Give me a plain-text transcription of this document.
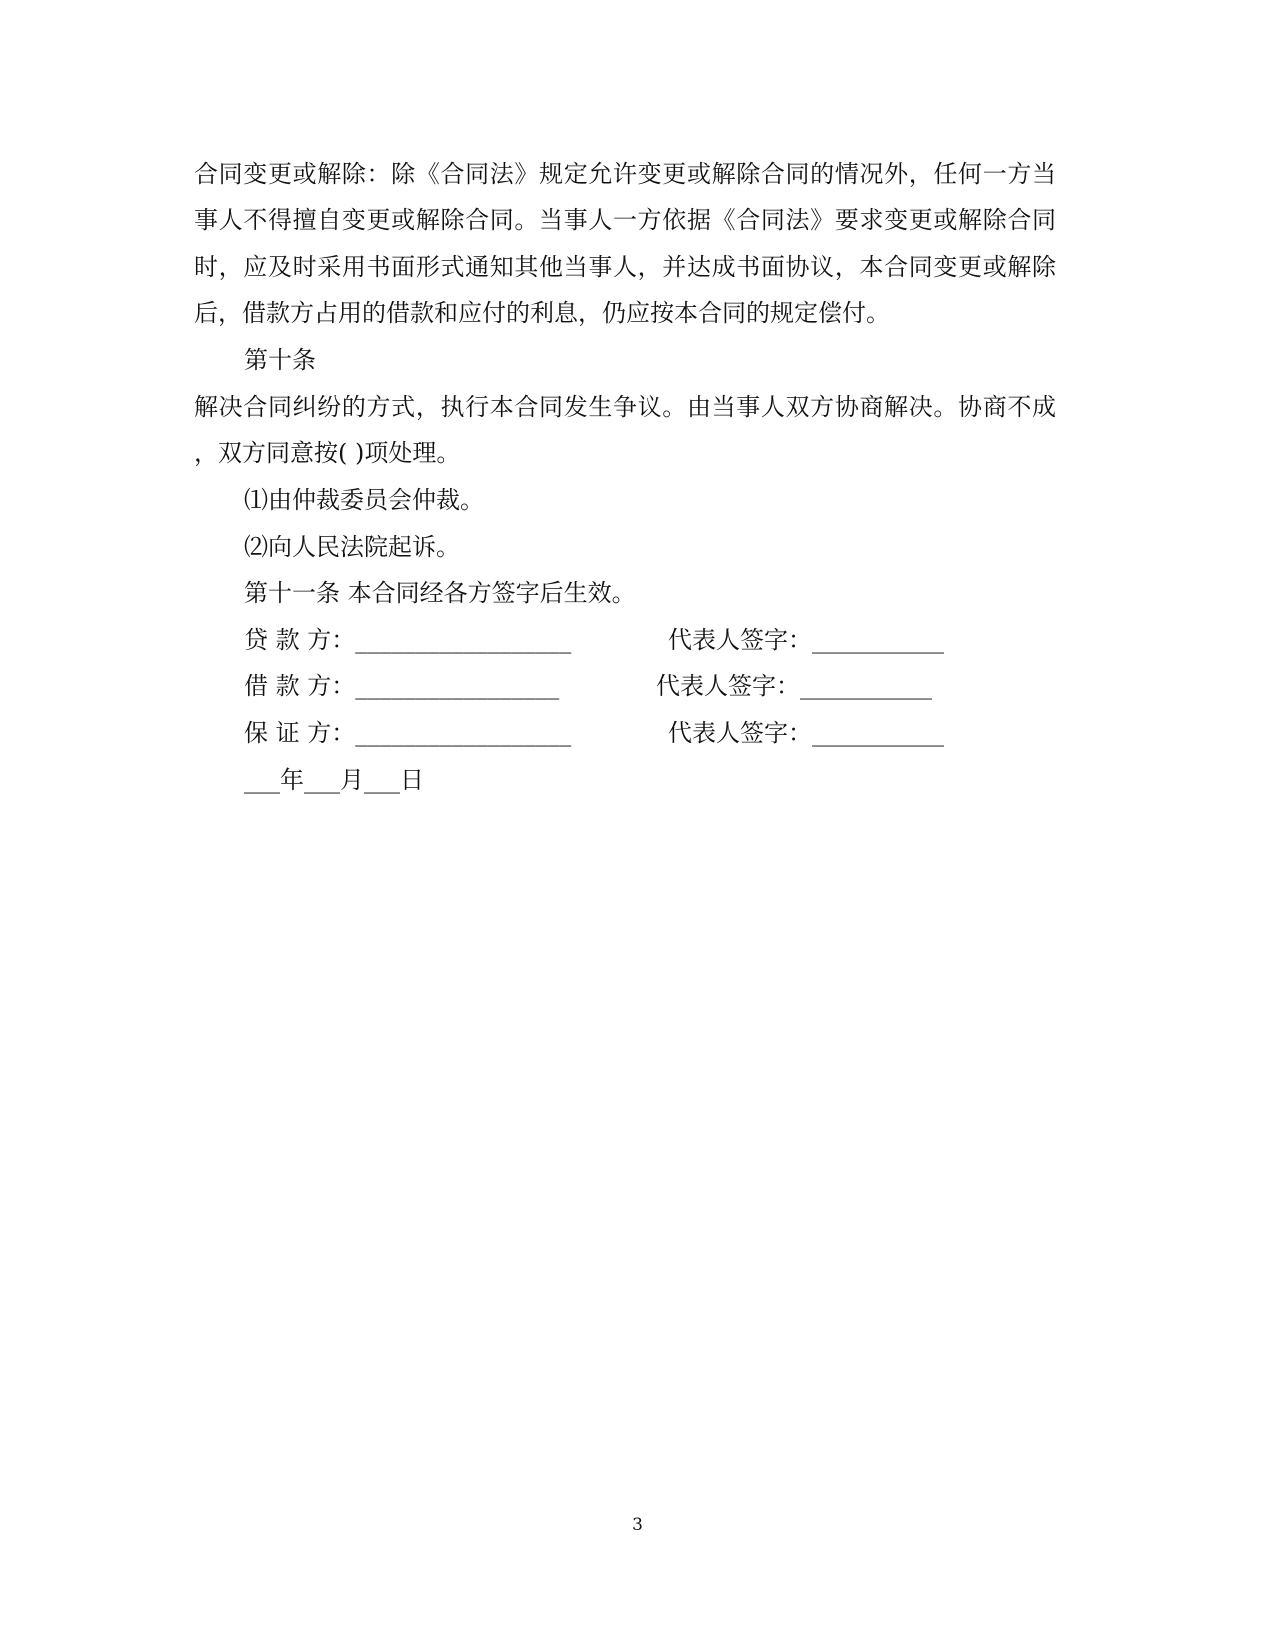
合同变更或解除：除《合同法》规定允许变更或解除合同的情况外，任何一方当
事人不得擅自变更或解除合同。当事人一方依据《合同法》要求变更或解除合同
时，应及时采用书面形式通知其他当事人，并达成书面协议，本合同变更或解除
后，借款方占用的借款和应付的利息，仍应按本合同的规定偿付。
第十条
解决合同纠纷的方式，执行本合同发生争议。由当事人双方协商解决。协商不成
，双方同意按( )项处理。
⑴由仲裁委员会仲裁。
⑵向人民法院起诉。
第十一条 本合同经各方签字后生效。
贷 款 方：__________________	代表人签字：___________
借 款 方：_________________	代表人签字：___________
保 证 方：__________________	代表人签字：___________
___年___月___日
3
